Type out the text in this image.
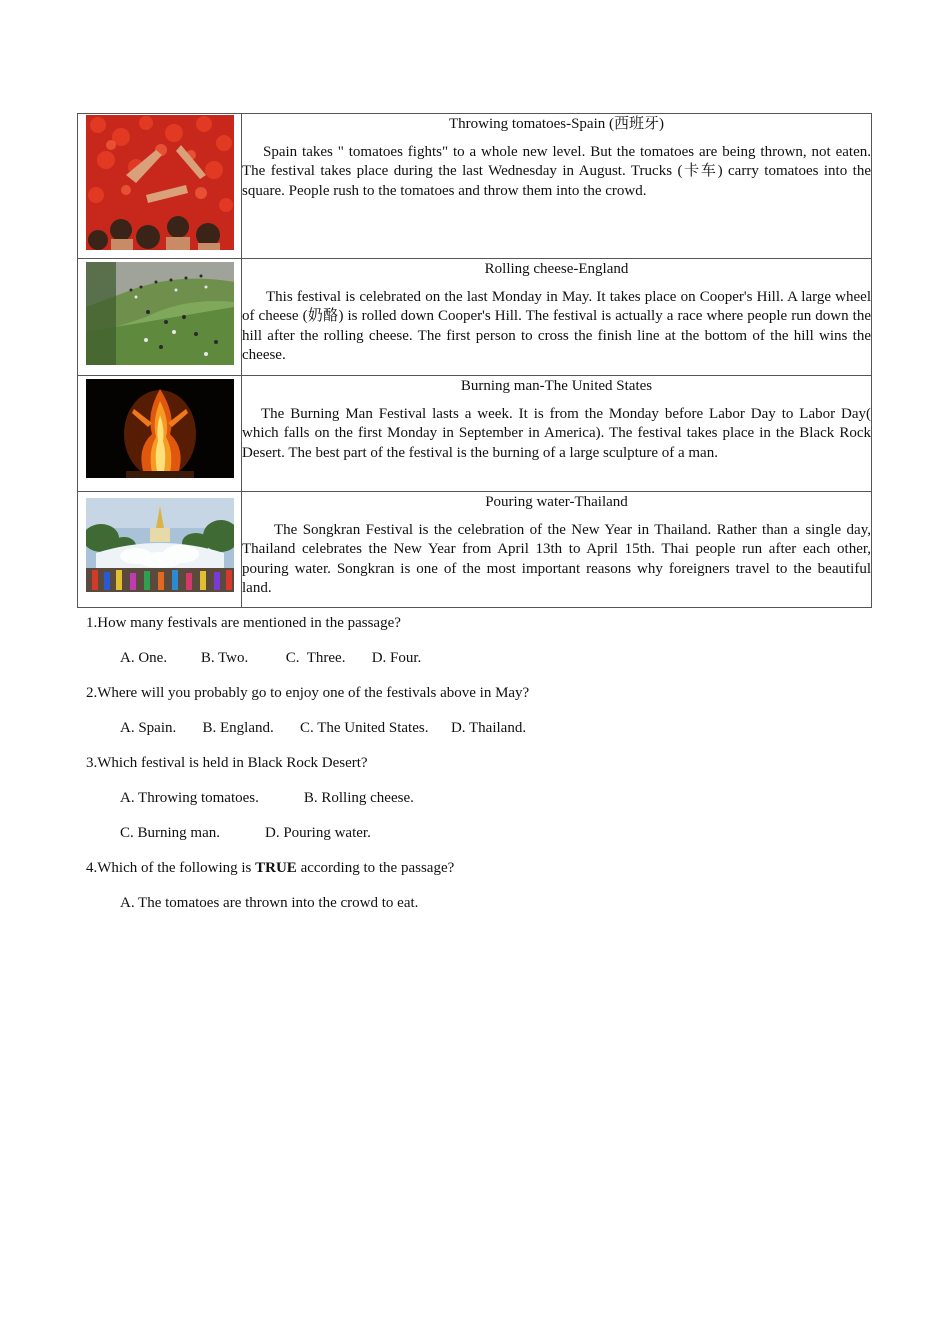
Throwing tomatoes-Spain (西班牙)
Spain takes " tomatoes fights" to a whole new level. But the tomatoes are being thrown, not eaten. The festival takes place during the last Wednesday in August. Trucks (卡车) carry tomatoes into the square. People rush to the tomatoes and throw them into the crowd.

Rolling cheese-England
This festival is celebrated on the last Monday in May. It takes place on Cooper's Hill. A large wheel of cheese (奶酪) is rolled down Cooper's Hill. The festival is actually a race where people run down the hill after the rolling cheese. The first person to cross the finish line at the bottom of the hill wins the cheese.

Burning man-The United States
The Burning Man Festival lasts a week. It is from the Monday before Labor Day to Labor Day( which falls on the first Monday in September in America). The festival takes place in the Black Rock Desert. The best part of the festival is the burning of a large sculpture of a man.

Pouring water-Thailand
The Songkran Festival is the celebration of the New Year in Thailand. Rather than a single day, Thailand celebrates the New Year from April 13th to April 15th. Thai people run after each other, pouring water. Songkran is one of the most important reasons why foreigners travel to the beautiful land.
1.How many festivals are mentioned in the passage?
A. One.         B. Two.          C.  Three.       D. Four.
2.Where will you probably go to enjoy one of the festivals above in May?
A. Spain.       B. England.       C. The United States.      D. Thailand.
3.Which festival is held in Black Rock Desert?
A. Throwing tomatoes.            B. Rolling cheese.
C. Burning man.            D. Pouring water.
4.Which of the following is TRUE according to the passage?
A. The tomatoes are thrown into the crowd to eat.
